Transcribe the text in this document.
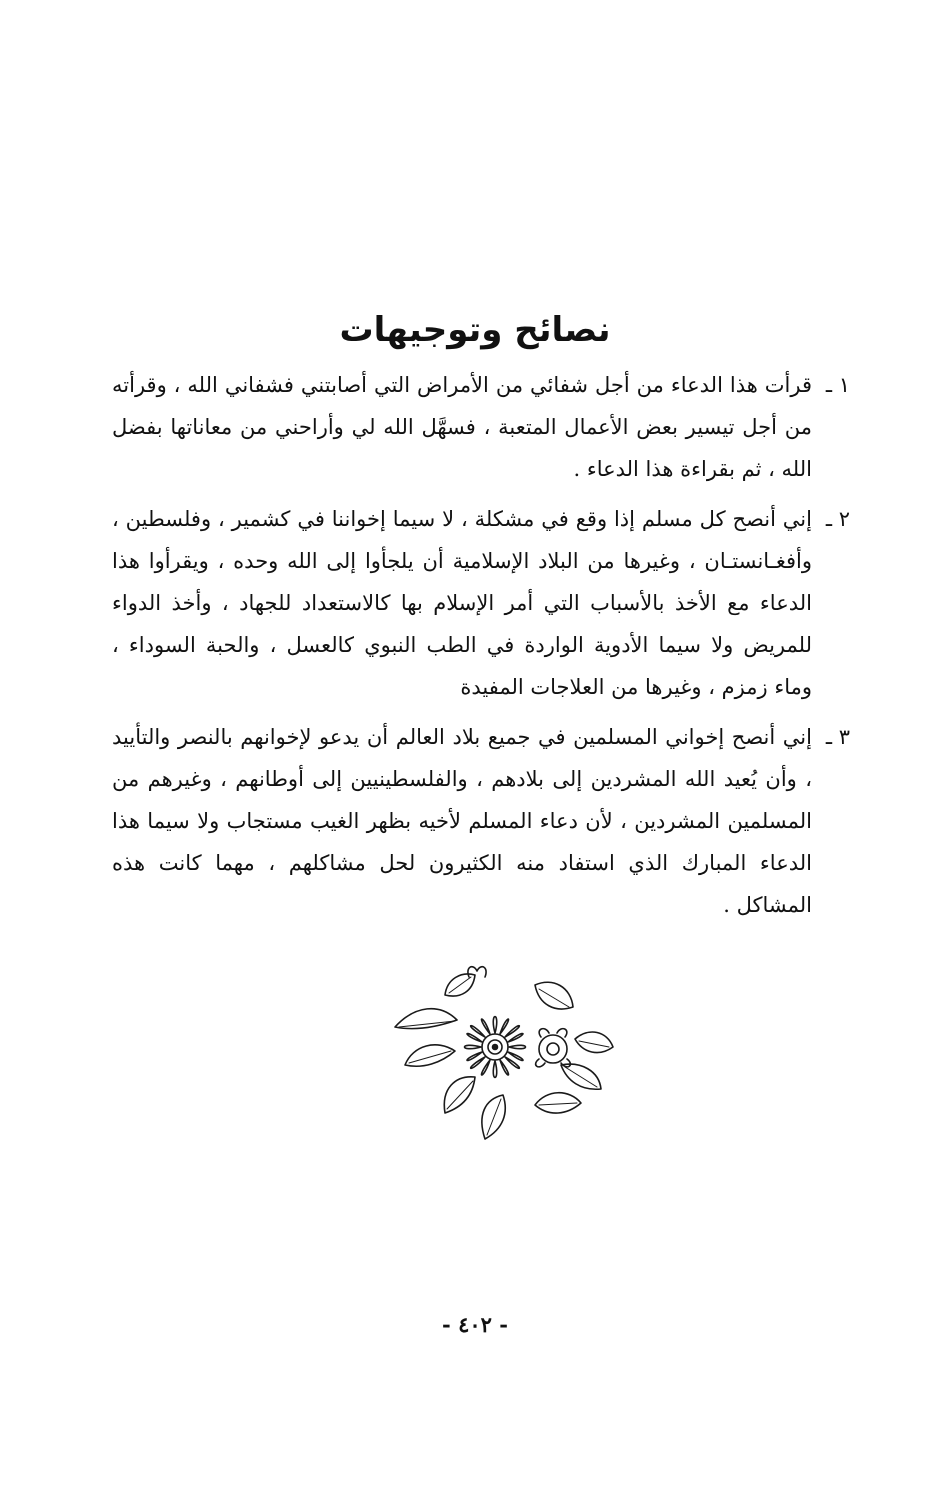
نصائح وتوجيهات
١ ـ
قرأت هذا الدعاء من أجل شفائي من الأمراض التي أصابتني فشفاني الله ، وقرأته من أجل تيسير بعض الأعمال المتعبة ، فسهَّل الله لي وأراحني من معاناتها بفضل الله ، ثم بقراءة هذا الدعاء .
٢ ـ
إني أنصح كل مسلم إذا وقع في مشكلة ، لا سيما إخواننا في كشمير ، وفلسطين ، وأفغـانستـان ، وغيرها من البلاد الإسلامية أن يلجأوا إلى الله وحده ، ويقرأوا هذا الدعاء مع الأخذ بالأسباب التي أمر الإسلام بها كالاستعداد للجهاد ، وأخذ الدواء للمريض ولا سيما الأدوية الواردة في الطب النبوي كالعسل ، والحبة السوداء ، وماء زمزم ، وغيرها من العلاجات المفيدة
٣ ـ
إني أنصح إخواني المسلمين في جميع بلاد العالم أن يدعو لإخوانهم بالنصر والتأييد ، وأن يُعيد الله المشردين إلى بلادهم ، والفلسطينيين إلى أوطانهم ، وغيرهم من المسلمين المشردين ، لأن دعاء المسلم لأخيه بظهر الغيب مستجاب ولا سيما هذا الدعاء المبارك الذي استفاد منه الكثيرون لحل مشاكلهم ، مهما كانت هذه المشاكل .
- ٤٠٢ -
